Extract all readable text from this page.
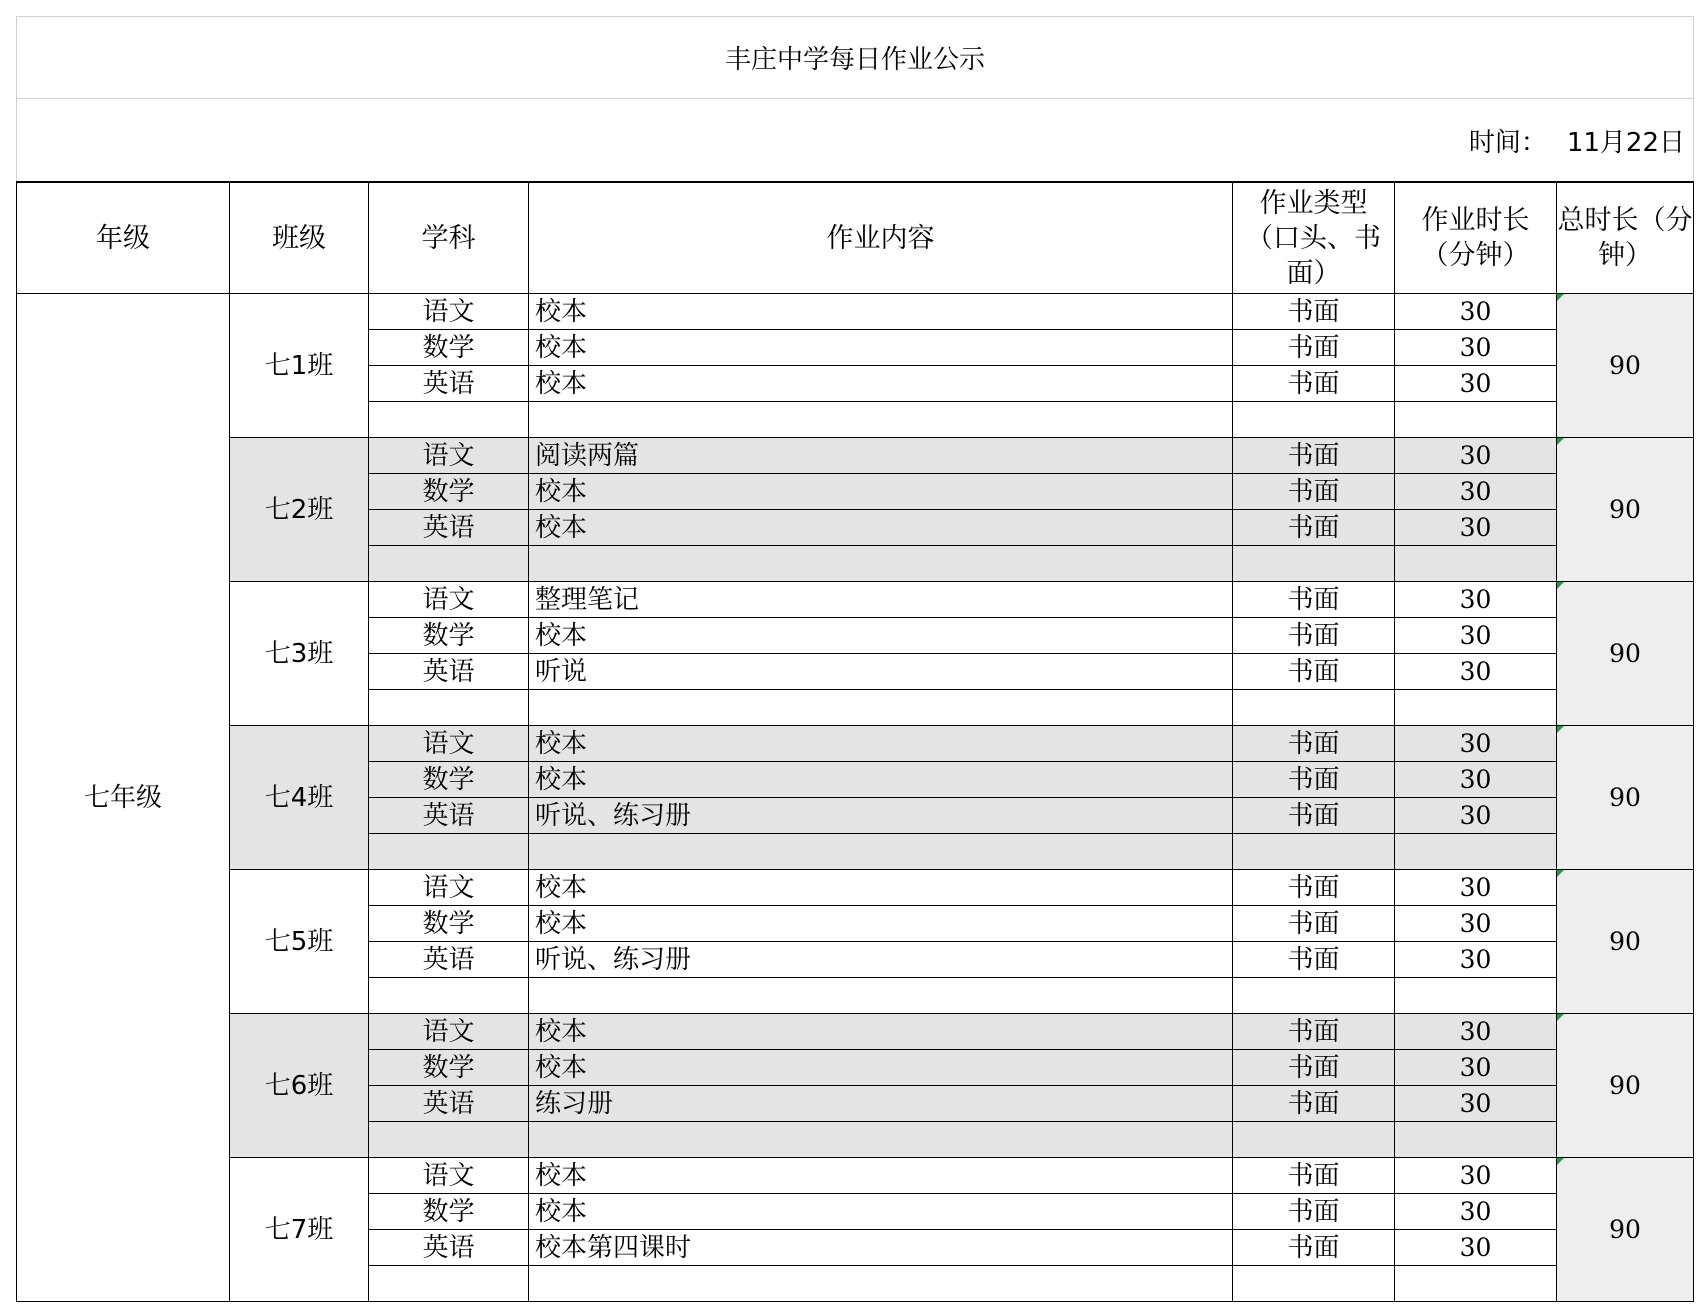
丰庄中学每日作业公示						
时间： 11月22日						
年级	班级	学科	作业内容	作业类型（口头、书面）	作业时长（分钟）	总时长（分钟）
七年级	七1班	语文	校本	书面	30	90
		数学	校本	书面	30	
		英语	校本	书面	30	

	七2班	语文	阅读两篇	书面	30	90
		数学	校本	书面	30	
		英语	校本	书面	30	

	七3班	语文	整理笔记	书面	30	90
		数学	校本	书面	30	
		英语	听说	书面	30	

	七4班	语文	校本	书面	30	90
		数学	校本	书面	30	
		英语	听说、练习册	书面	30	

	七5班	语文	校本	书面	30	90
		数学	校本	书面	30	
		英语	听说、练习册	书面	30	

	七6班	语文	校本	书面	30	90
		数学	校本	书面	30	
		英语	练习册	书面	30	

	七7班	语文	校本	书面	30	90
		数学	校本	书面	30	
		英语	校本第四课时	书面	30	
